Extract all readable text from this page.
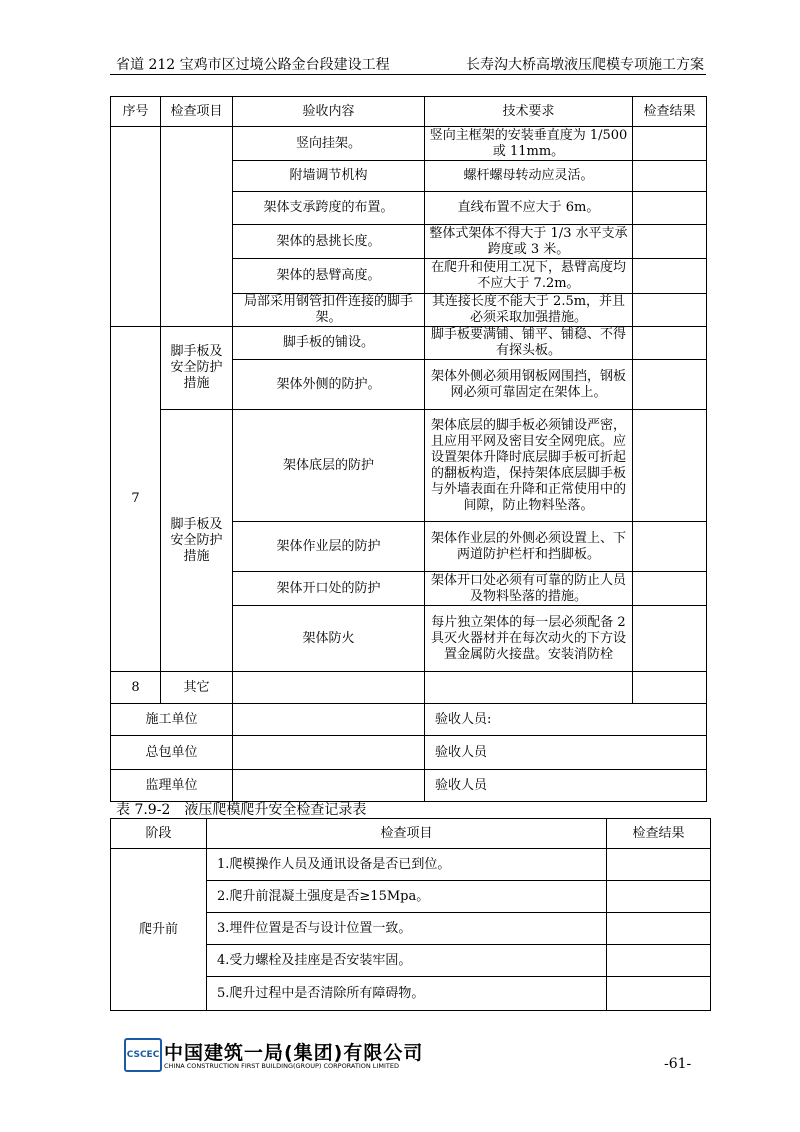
省道 212 宝鸡市区过境公路金台段建设工程	长寿沟大桥高墩液压爬模专项施工方案
序号	检查项目	验收内容	技术要求	检查结果
		竖向挂架。	竖向主框架的安装垂直度为 1/500 或 11mm。	
		附墙调节机构	螺杆螺母转动应灵活。	
		架体支承跨度的布置。	直线布置不应大于 6m。	
		架体的悬挑长度。	整体式架体不得大于 1/3 水平支承跨度或 3 米。	
		架体的悬臂高度。	在爬升和使用工况下，悬臂高度均不应大于 7.2m。	
		局部采用钢管扣件连接的脚手架。	其连接长度不能大于 2.5m，并且必须采取加强措施。	
7	脚手板及安全防护措施	脚手板的铺设。	脚手板要满铺、铺平、铺稳、不得有探头板。	
		架体外侧的防护。	架体外侧必须用钢板网围挡，钢板网必须可靠固定在架体上。	
	脚手板及安全防护措施	架体底层的防护	架体底层的脚手板必须铺设严密，且应用平网及密目安全网兜底。应设置架体升降时底层脚手板可折起的翻板构造，保持架体底层脚手板与外墙表面在升降和正常使用中的间隙，防止物料坠落。	
		架体作业层的防护	架体作业层的外侧必须设置上、下两道防护栏杆和挡脚板。	
		架体开口处的防护	架体开口处必须有可靠的防止人员及物料坠落的措施。	
		架体防火	每片独立架体的每一层必须配备 2 具灭火器材并在每次动火的下方设置金属防火接盘。安装消防栓	
8	其它			
施工单位			验收人员:	
总包单位			验收人员	
监理单位			验收人员	
表 7.9-2　液压爬模爬升安全检查记录表
阶段	检查项目	检查结果
爬升前	1.爬模操作人员及通讯设备是否已到位。	
	2.爬升前混凝土强度是否≥15Mpa。	
	3.埋件位置是否与设计位置一致。	
	4.受力螺栓及挂座是否安装牢固。	
	5.爬升过程中是否清除所有障碍物。	
CSCEC 中国建筑一局(集团)有限公司
CHINA CONSTRUCTION FIRST BUILDING(GROUP) CORPORATION LIMITED	-61-
